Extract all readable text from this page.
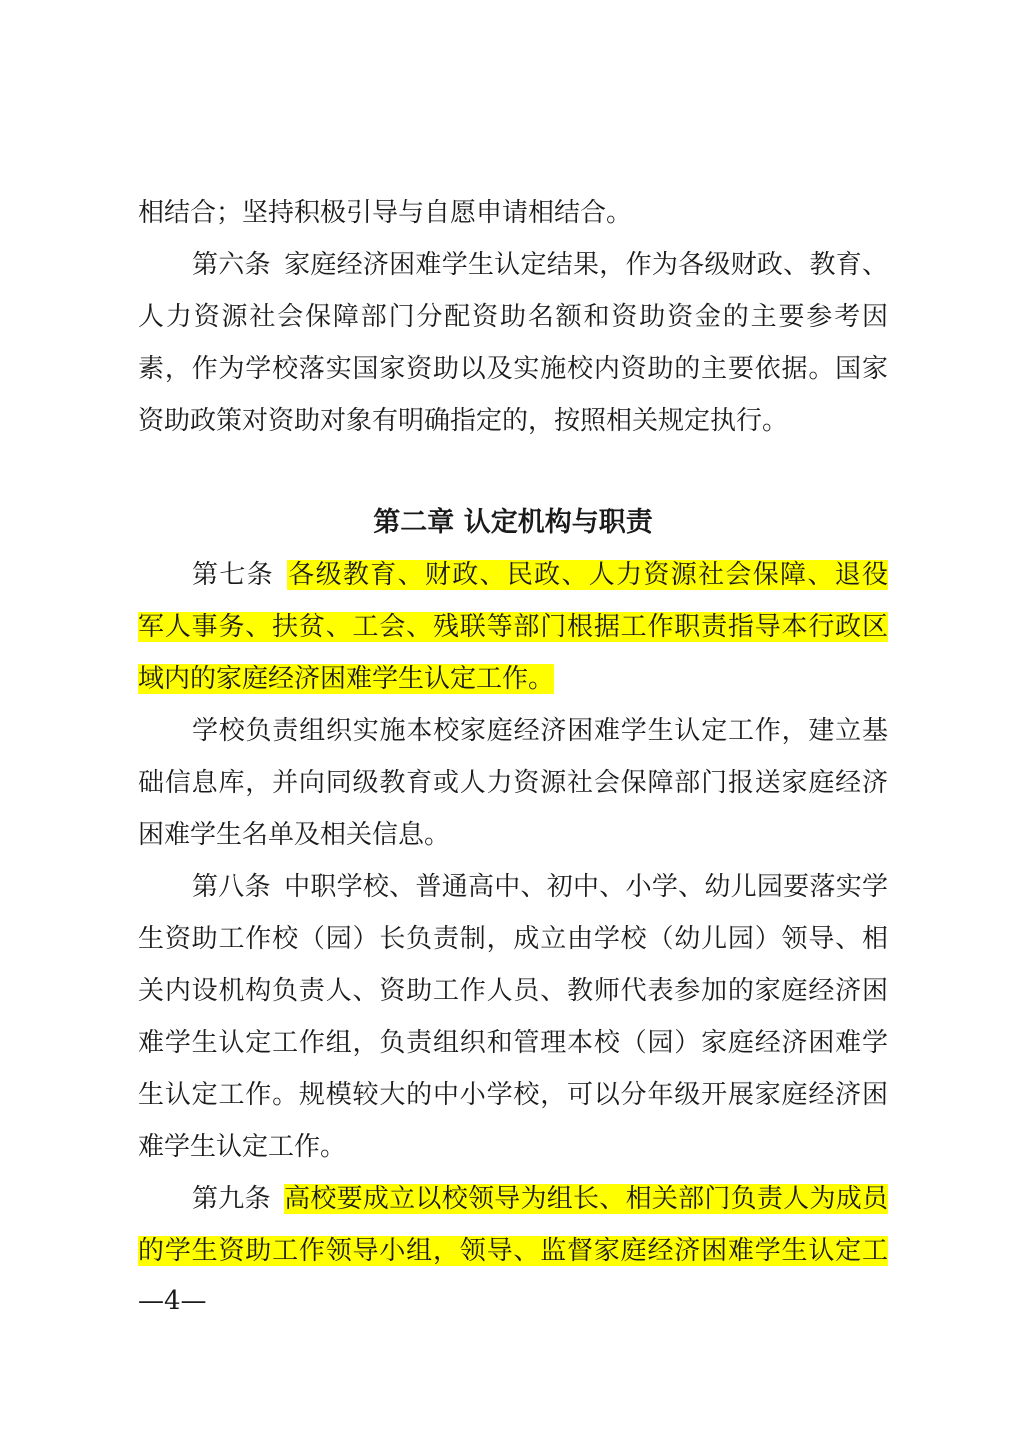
相结合；坚持积极引导与自愿申请相结合。
第六条  家庭经济困难学生认定结果，作为各级财政、教育、
人力资源社会保障部门分配资助名额和资助资金的主要参考因
素，作为学校落实国家资助以及实施校内资助的主要依据。国家
资助政策对资助对象有明确指定的，按照相关规定执行。
第二章 认定机构与职责
第七条  各级教育、财政、民政、人力资源社会保障、退役
军人事务、扶贫、工会、残联等部门根据工作职责指导本行政区
域内的家庭经济困难学生认定工作。
学校负责组织实施本校家庭经济困难学生认定工作，建立基
础信息库，并向同级教育或人力资源社会保障部门报送家庭经济
困难学生名单及相关信息。
第八条  中职学校、普通高中、初中、小学、幼儿园要落实学
生资助工作校（园）长负责制，成立由学校（幼儿园）领导、相
关内设机构负责人、资助工作人员、教师代表参加的家庭经济困
难学生认定工作组，负责组织和管理本校（园）家庭经济困难学
生认定工作。规模较大的中小学校，可以分年级开展家庭经济困
难学生认定工作。
第九条  高校要成立以校领导为组长、相关部门负责人为成员
的学生资助工作领导小组，领导、监督家庭经济困难学生认定工
—4—
